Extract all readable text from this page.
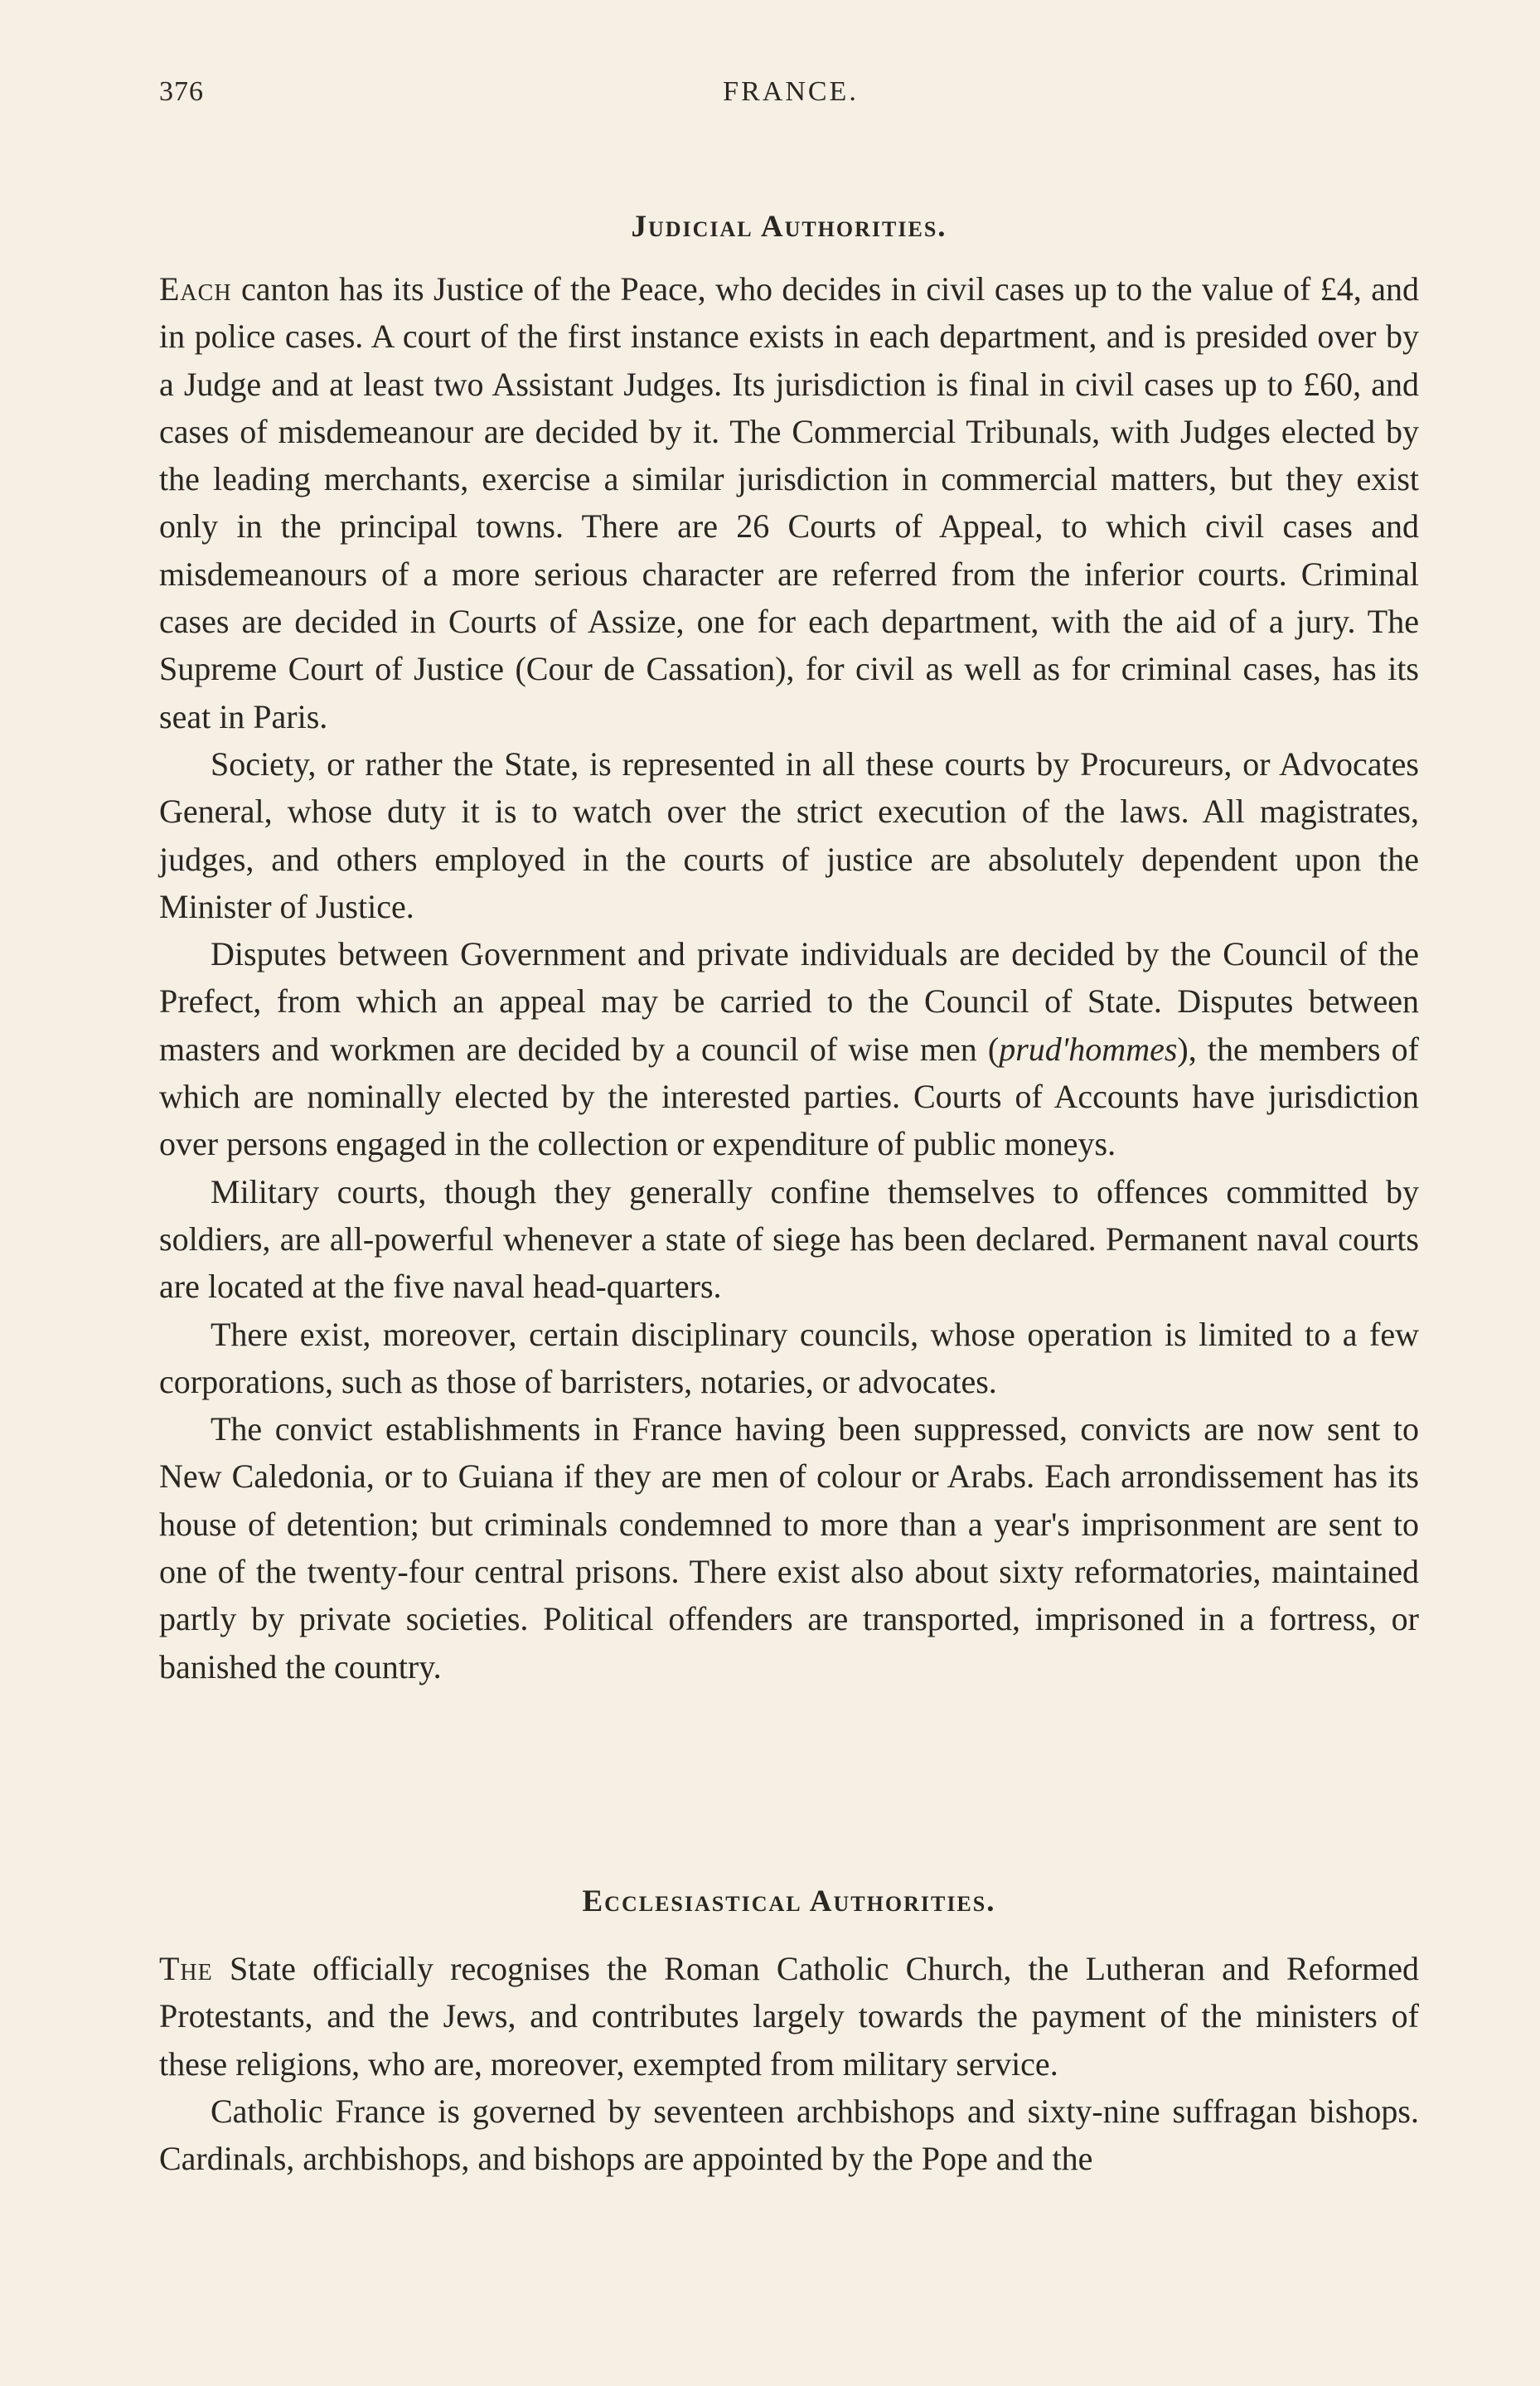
376	FRANCE.
Judicial Authorities.

Each canton has its Justice of the Peace, who decides in civil cases up to the value of £4, and in police cases. A court of the first instance exists in each department, and is presided over by a Judge and at least two Assistant Judges. Its jurisdiction is final in civil cases up to £60, and cases of misdemeanour are decided by it. The Commercial Tribunals, with Judges elected by the leading merchants, exercise a similar jurisdiction in commercial matters, but they exist only in the principal towns. There are 26 Courts of Appeal, to which civil cases and misdemeanours of a more serious character are referred from the inferior courts. Criminal cases are decided in Courts of Assize, one for each department, with the aid of a jury. The Supreme Court of Justice (Cour de Cassation), for civil as well as for criminal cases, has its seat in Paris.

Society, or rather the State, is represented in all these courts by Procureurs, or Advocates General, whose duty it is to watch over the strict execution of the laws. All magistrates, judges, and others employed in the courts of justice are absolutely dependent upon the Minister of Justice.

Disputes between Government and private individuals are decided by the Council of the Prefect, from which an appeal may be carried to the Council of State. Disputes between masters and workmen are decided by a council of wise men (prud'hommes), the members of which are nominally elected by the interested parties. Courts of Accounts have jurisdiction over persons engaged in the collection or expenditure of public moneys.

Military courts, though they generally confine themselves to offences committed by soldiers, are all-powerful whenever a state of siege has been declared. Permanent naval courts are located at the five naval head-quarters.

There exist, moreover, certain disciplinary councils, whose operation is limited to a few corporations, such as those of barristers, notaries, or advocates.

The convict establishments in France having been suppressed, convicts are now sent to New Caledonia, or to Guiana if they are men of colour or Arabs. Each arrondissement has its house of detention; but criminals condemned to more than a year's imprisonment are sent to one of the twenty-four central prisons. There exist also about sixty reformatories, maintained partly by private societies. Political offenders are transported, imprisoned in a fortress, or banished the country.

Ecclesiastical Authorities.

The State officially recognises the Roman Catholic Church, the Lutheran and Reformed Protestants, and the Jews, and contributes largely towards the payment of the ministers of these religions, who are, moreover, exempted from military service.

Catholic France is governed by seventeen archbishops and sixty-nine suffragan bishops. Cardinals, archbishops, and bishops are appointed by the Pope and the
